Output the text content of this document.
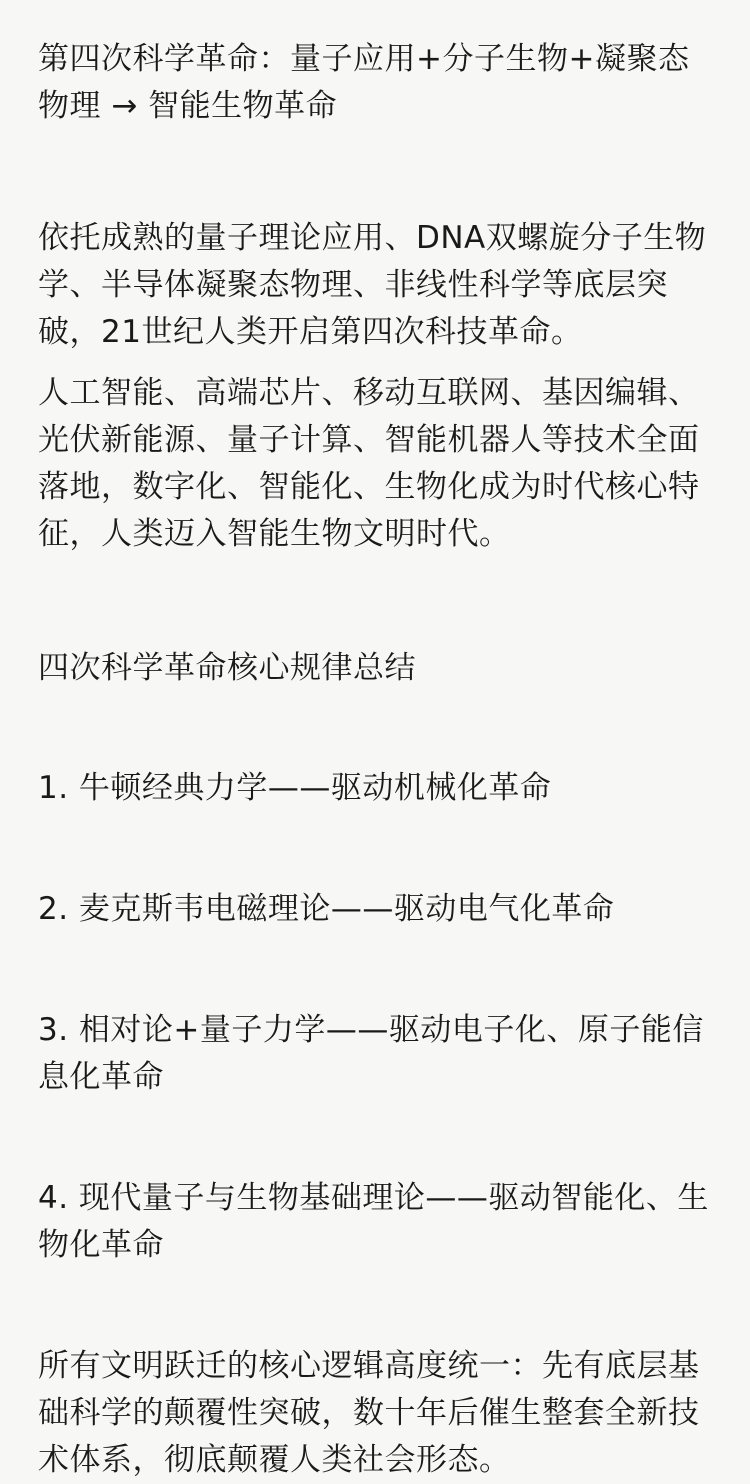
第四次科学革命：量子应用+分子生物+凝聚态物理 → 智能生物革命

依托成熟的量子理论应用、DNA双螺旋分子生物学、半导体凝聚态物理、非线性科学等底层突破，21世纪人类开启第四次科技革命。

人工智能、高端芯片、移动互联网、基因编辑、光伏新能源、量子计算、智能机器人等技术全面落地，数字化、智能化、生物化成为时代核心特征，人类迈入智能生物文明时代。

四次科学革命核心规律总结

1. 牛顿经典力学——驱动机械化革命

2. 麦克斯韦电磁理论——驱动电气化革命

3. 相对论+量子力学——驱动电子化、原子能信息化革命

4. 现代量子与生物基础理论——驱动智能化、生物化革命

所有文明跃迁的核心逻辑高度统一：先有底层基础科学的颠覆性突破，数十年后催生整套全新技术体系，彻底颠覆人类社会形态。
